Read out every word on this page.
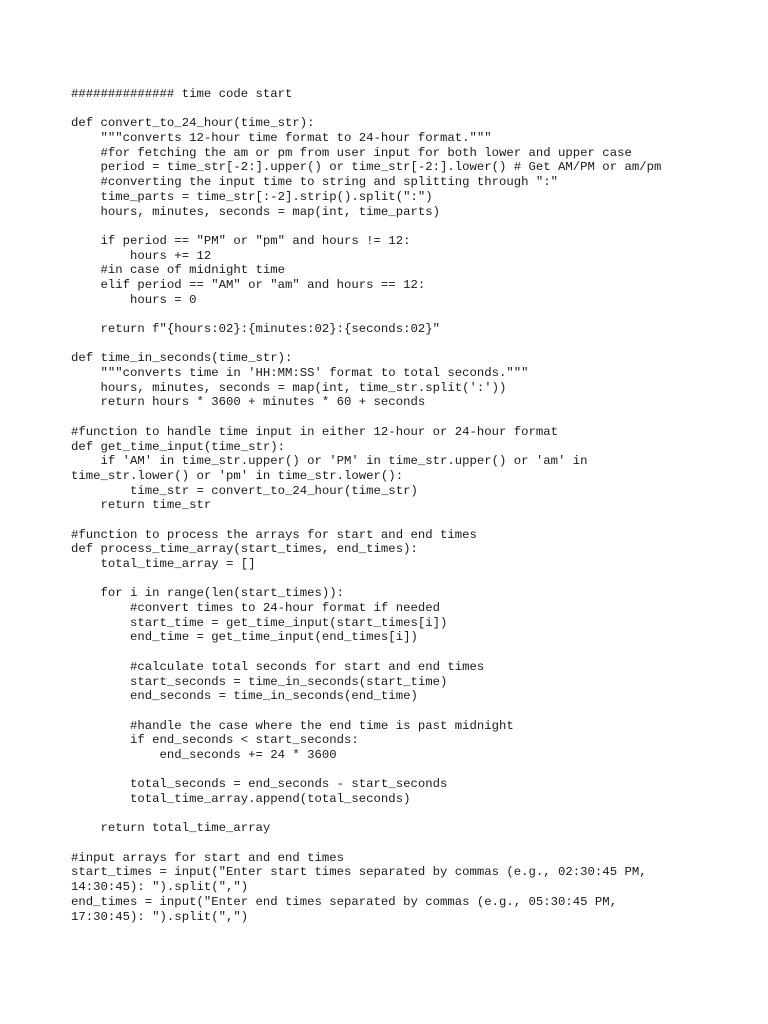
############## time code start
def convert_to_24_hour(time_str):
"""converts 12-hour time format to 24-hour format."""
#for fetching the am or pm from user input for both lower and upper case
period = time_str[-2:].upper() or time_str[-2:].lower() # Get AM/PM or am/pm
#converting the input time to string and splitting through ":"
time_parts = time_str[:-2].strip().split(":")
hours, minutes, seconds = map(int, time_parts)
if period == "PM" or "pm" and hours != 12:
hours += 12
#in case of midnight time
elif period == "AM" or "am" and hours == 12:
hours = 0
return f"{hours:02}:{minutes:02}:{seconds:02}"
def time_in_seconds(time_str):
"""converts time in 'HH:MM:SS' format to total seconds."""
hours, minutes, seconds = map(int, time_str.split(':'))
return hours * 3600 + minutes * 60 + seconds
#function to handle time input in either 12-hour or 24-hour format
def get_time_input(time_str):
if 'AM' in time_str.upper() or 'PM' in time_str.upper() or 'am' in
time_str.lower() or 'pm' in time_str.lower():
time_str = convert_to_24_hour(time_str)
return time_str
#function to process the arrays for start and end times
def process_time_array(start_times, end_times):
total_time_array = []
for i in range(len(start_times)):
#convert times to 24-hour format if needed
start_time = get_time_input(start_times[i])
end_time = get_time_input(end_times[i])
#calculate total seconds for start and end times
start_seconds = time_in_seconds(start_time)
end_seconds = time_in_seconds(end_time)
#handle the case where the end time is past midnight
if end_seconds < start_seconds:
end_seconds += 24 * 3600
total_seconds = end_seconds - start_seconds
total_time_array.append(total_seconds)
return total_time_array
#input arrays for start and end times
start_times = input("Enter start times separated by commas (e.g., 02:30:45 PM,
14:30:45): ").split(",")
end_times = input("Enter end times separated by commas (e.g., 05:30:45 PM,
17:30:45): ").split(",")
